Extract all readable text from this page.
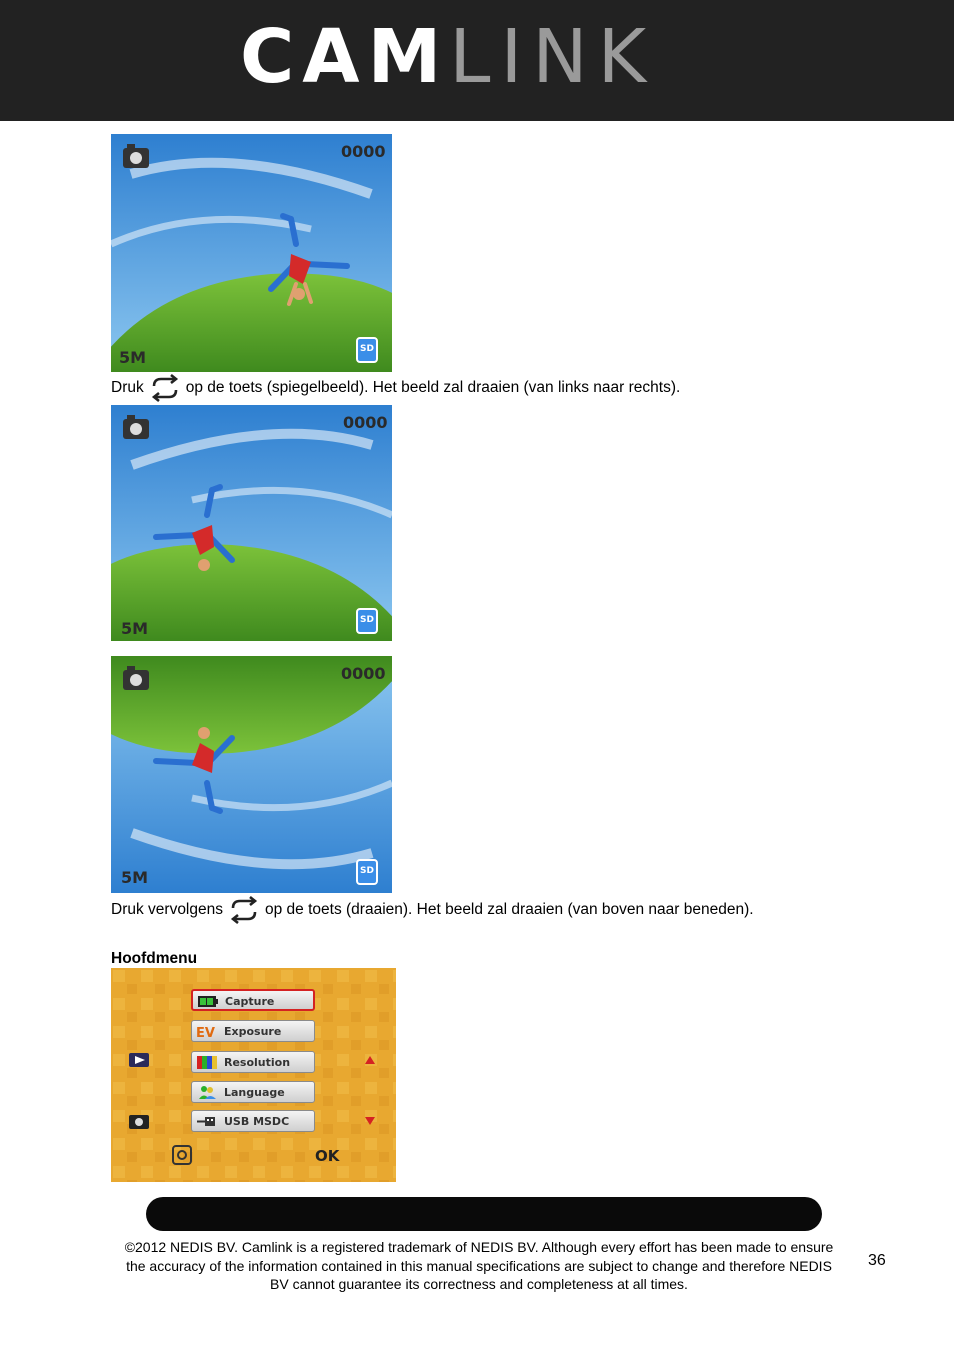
CAM LINK
0000
5M	SD
Druk	op de toets (spiegelbeeld). Het beeld zal draaien (van links naar rechts).
0000
5M	SD
0000
5M	SD
Druk vervolgens	op de toets (draaien). Het beeld zal draaien (van boven naar beneden).
Hoofdmenu
Capture
EV Exposure
Resolution
Language
USB MSDC
OK
©2012 NEDIS BV. Camlink is a registered trademark of NEDIS BV. Although every effort has been made to ensure the accuracy of the information contained in this manual specifications are subject to change and therefore NEDIS BV cannot guarantee its correctness and completeness at all times.
36
